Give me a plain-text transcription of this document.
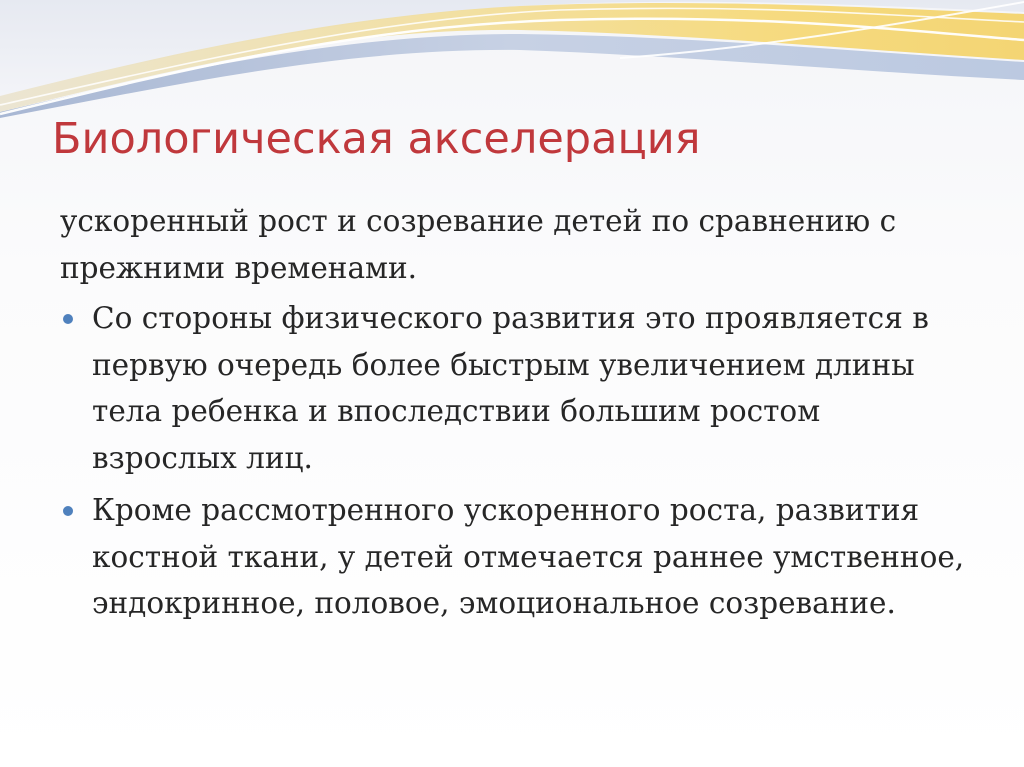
Биологическая акселерация

ускоренный рост и созревание детей по сравнению с прежними временами.

Со стороны физического развития это проявляется в первую очередь более быстрым увеличением длины тела ребенка и впоследствии большим ростом взрослых лиц.
Кроме рассмотренного ускоренного роста, развития костной ткани, у детей отмечается раннее умственное, эндокринное, половое, эмоциональное созревание.
